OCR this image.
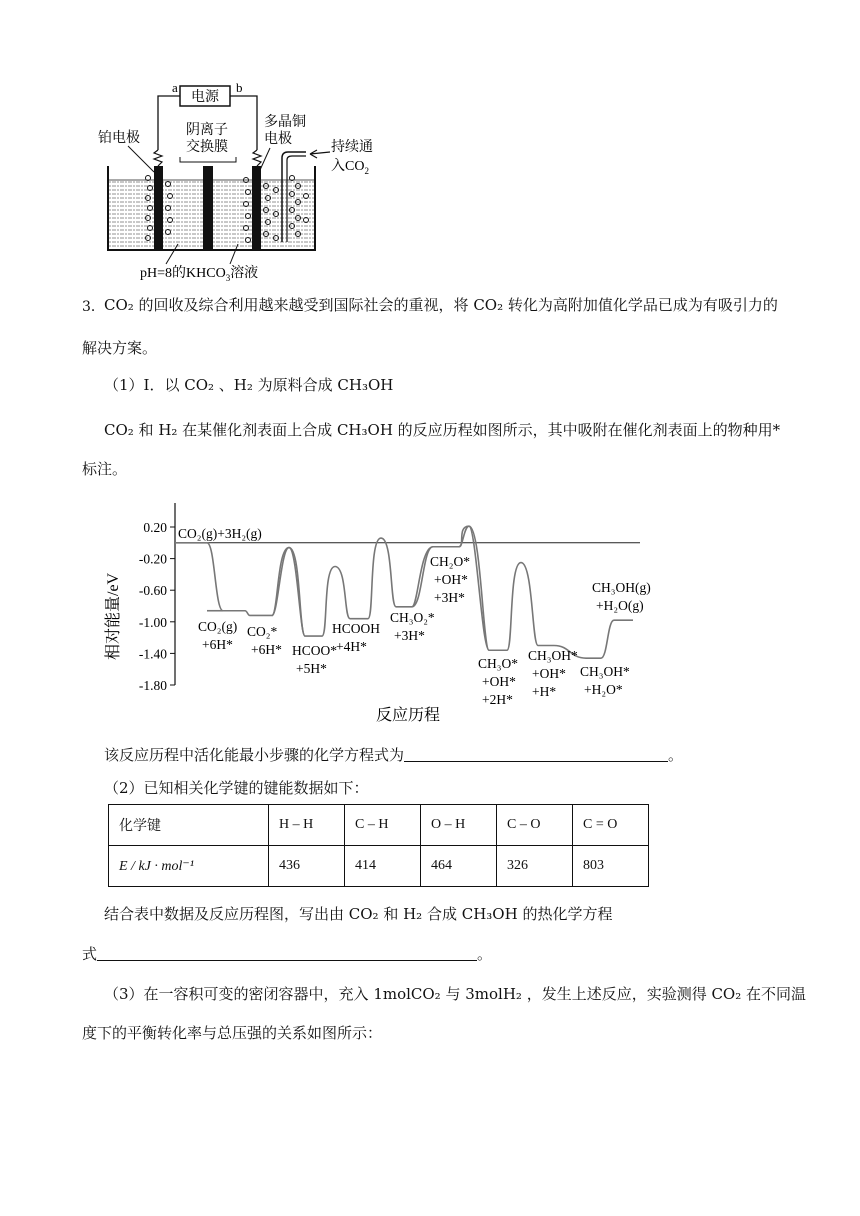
电源
a	b
铂电极
阴离子
交换膜
多晶铜
电极
持续通
入$CO_2$
pH=8的$KHCO_3$溶液
3． CO₂ 的回收及综合利用越来越受到国际社会的重视，将 CO₂ 转化为高附加值化学品已成为有吸引力的
解决方案。
（1）Ⅰ．以 CO₂ 、H₂ 为原料合成 CH₃OH
CO₂ 和 H₂ 在某催化剂表面上合成 CH₃OH 的反应历程如图所示，其中吸附在催化剂表面上的物种用*
标注。
0.20
-0.20
-0.60
-1.00
-1.40
-1.80
CO₂(g)+3H₂(g)
CO₂(g)
+6H*
CO₂*
+6H* HCOO*
+5H*
HCOOH
+4H*
CH₃O₂*
+3H*
CH₂O*
+OH*
+3H*
CH₃O*
+OH*
+2H*
CH₃OH*
+OH*
+H*
CH₃OH*
+H₂O*
CH₃OH(g)
+H₂O(g)
相对能量/eV
反应历程
该反应历程中活化能最小步骤的化学方程式为	。
（2）已知相关化学键的键能数据如下：
化学键	H – H	C – H	O – H	C – O	C = O
E / kJ · mol⁻¹	436	414	464	326	803
结合表中数据及反应历程图，写出由 CO₂ 和 H₂ 合成 CH₃OH 的热化学方程
式	。
（3）在一容积可变的密闭容器中，充入 1molCO₂ 与 3molH₂ ，发生上述反应，实验测得 CO₂ 在不同温
度下的平衡转化率与总压强的关系如图所示：
